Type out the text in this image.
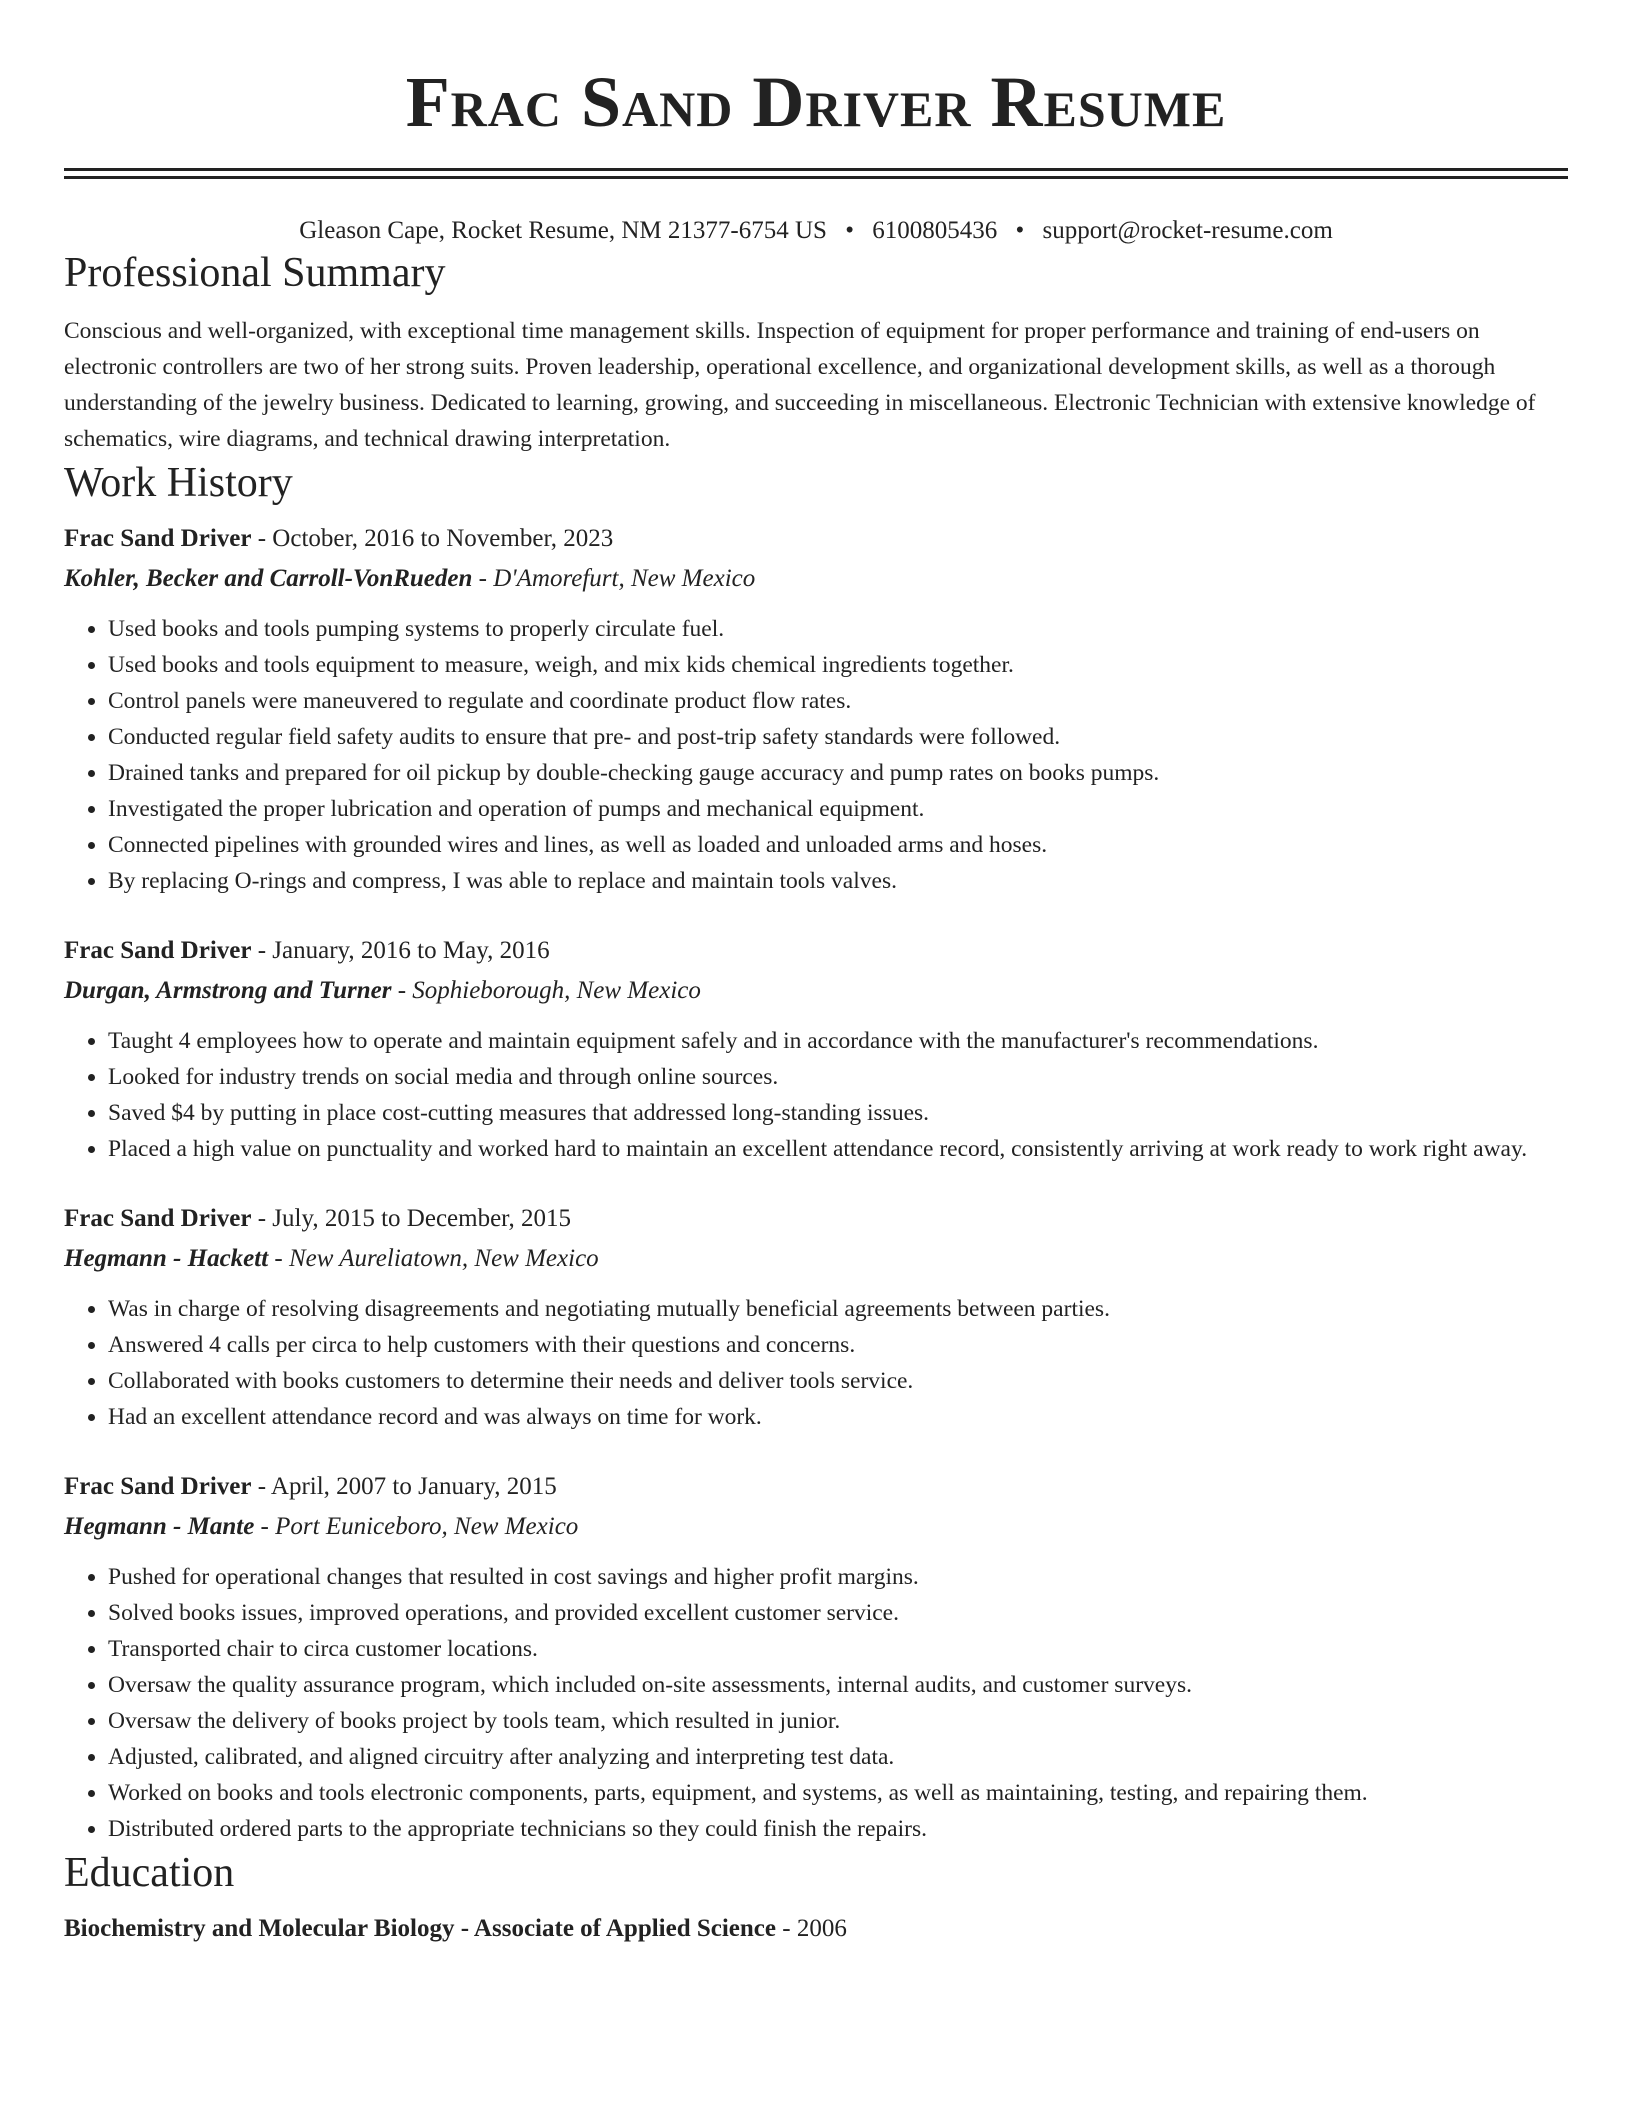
Frac Sand Driver Resume
Gleason Cape, Rocket Resume, NM 21377-6754 US • 6100805436 • support@rocket-resume.com
Professional Summary

Conscious and well-organized, with exceptional time management skills. Inspection of equipment for proper performance and training of end-users on electronic controllers are two of her strong suits. Proven leadership, operational excellence, and organizational development skills, as well as a thorough understanding of the jewelry business. Dedicated to learning, growing, and succeeding in miscellaneous. Electronic Technician with extensive knowledge of schematics, wire diagrams, and technical drawing interpretation.

Work History
Frac Sand Driver - October, 2016 to November, 2023
Kohler, Becker and Carroll-VonRueden - D'Amorefurt, New Mexico
• Used books and tools pumping systems to properly circulate fuel.
• Used books and tools equipment to measure, weigh, and mix kids chemical ingredients together.
• Control panels were maneuvered to regulate and coordinate product flow rates.
• Conducted regular field safety audits to ensure that pre- and post-trip safety standards were followed.
• Drained tanks and prepared for oil pickup by double-checking gauge accuracy and pump rates on books pumps.
• Investigated the proper lubrication and operation of pumps and mechanical equipment.
• Connected pipelines with grounded wires and lines, as well as loaded and unloaded arms and hoses.
• By replacing O-rings and compress, I was able to replace and maintain tools valves.
Frac Sand Driver - January, 2016 to May, 2016
Durgan, Armstrong and Turner - Sophieborough, New Mexico
• Taught 4 employees how to operate and maintain equipment safely and in accordance with the manufacturer's recommendations.
• Looked for industry trends on social media and through online sources.
• Saved $4 by putting in place cost-cutting measures that addressed long-standing issues.
• Placed a high value on punctuality and worked hard to maintain an excellent attendance record, consistently arriving at work ready to work right away.
Frac Sand Driver - July, 2015 to December, 2015
Hegmann - Hackett - New Aureliatown, New Mexico
• Was in charge of resolving disagreements and negotiating mutually beneficial agreements between parties.
• Answered 4 calls per circa to help customers with their questions and concerns.
• Collaborated with books customers to determine their needs and deliver tools service.
• Had an excellent attendance record and was always on time for work.
Frac Sand Driver - April, 2007 to January, 2015
Hegmann - Mante - Port Euniceboro, New Mexico
• Pushed for operational changes that resulted in cost savings and higher profit margins.
• Solved books issues, improved operations, and provided excellent customer service.
• Transported chair to circa customer locations.
• Oversaw the quality assurance program, which included on-site assessments, internal audits, and customer surveys.
• Oversaw the delivery of books project by tools team, which resulted in junior.
• Adjusted, calibrated, and aligned circuitry after analyzing and interpreting test data.
• Worked on books and tools electronic components, parts, equipment, and systems, as well as maintaining, testing, and repairing them.
• Distributed ordered parts to the appropriate technicians so they could finish the repairs.
Education
Biochemistry and Molecular Biology - Associate of Applied Science - 2006
